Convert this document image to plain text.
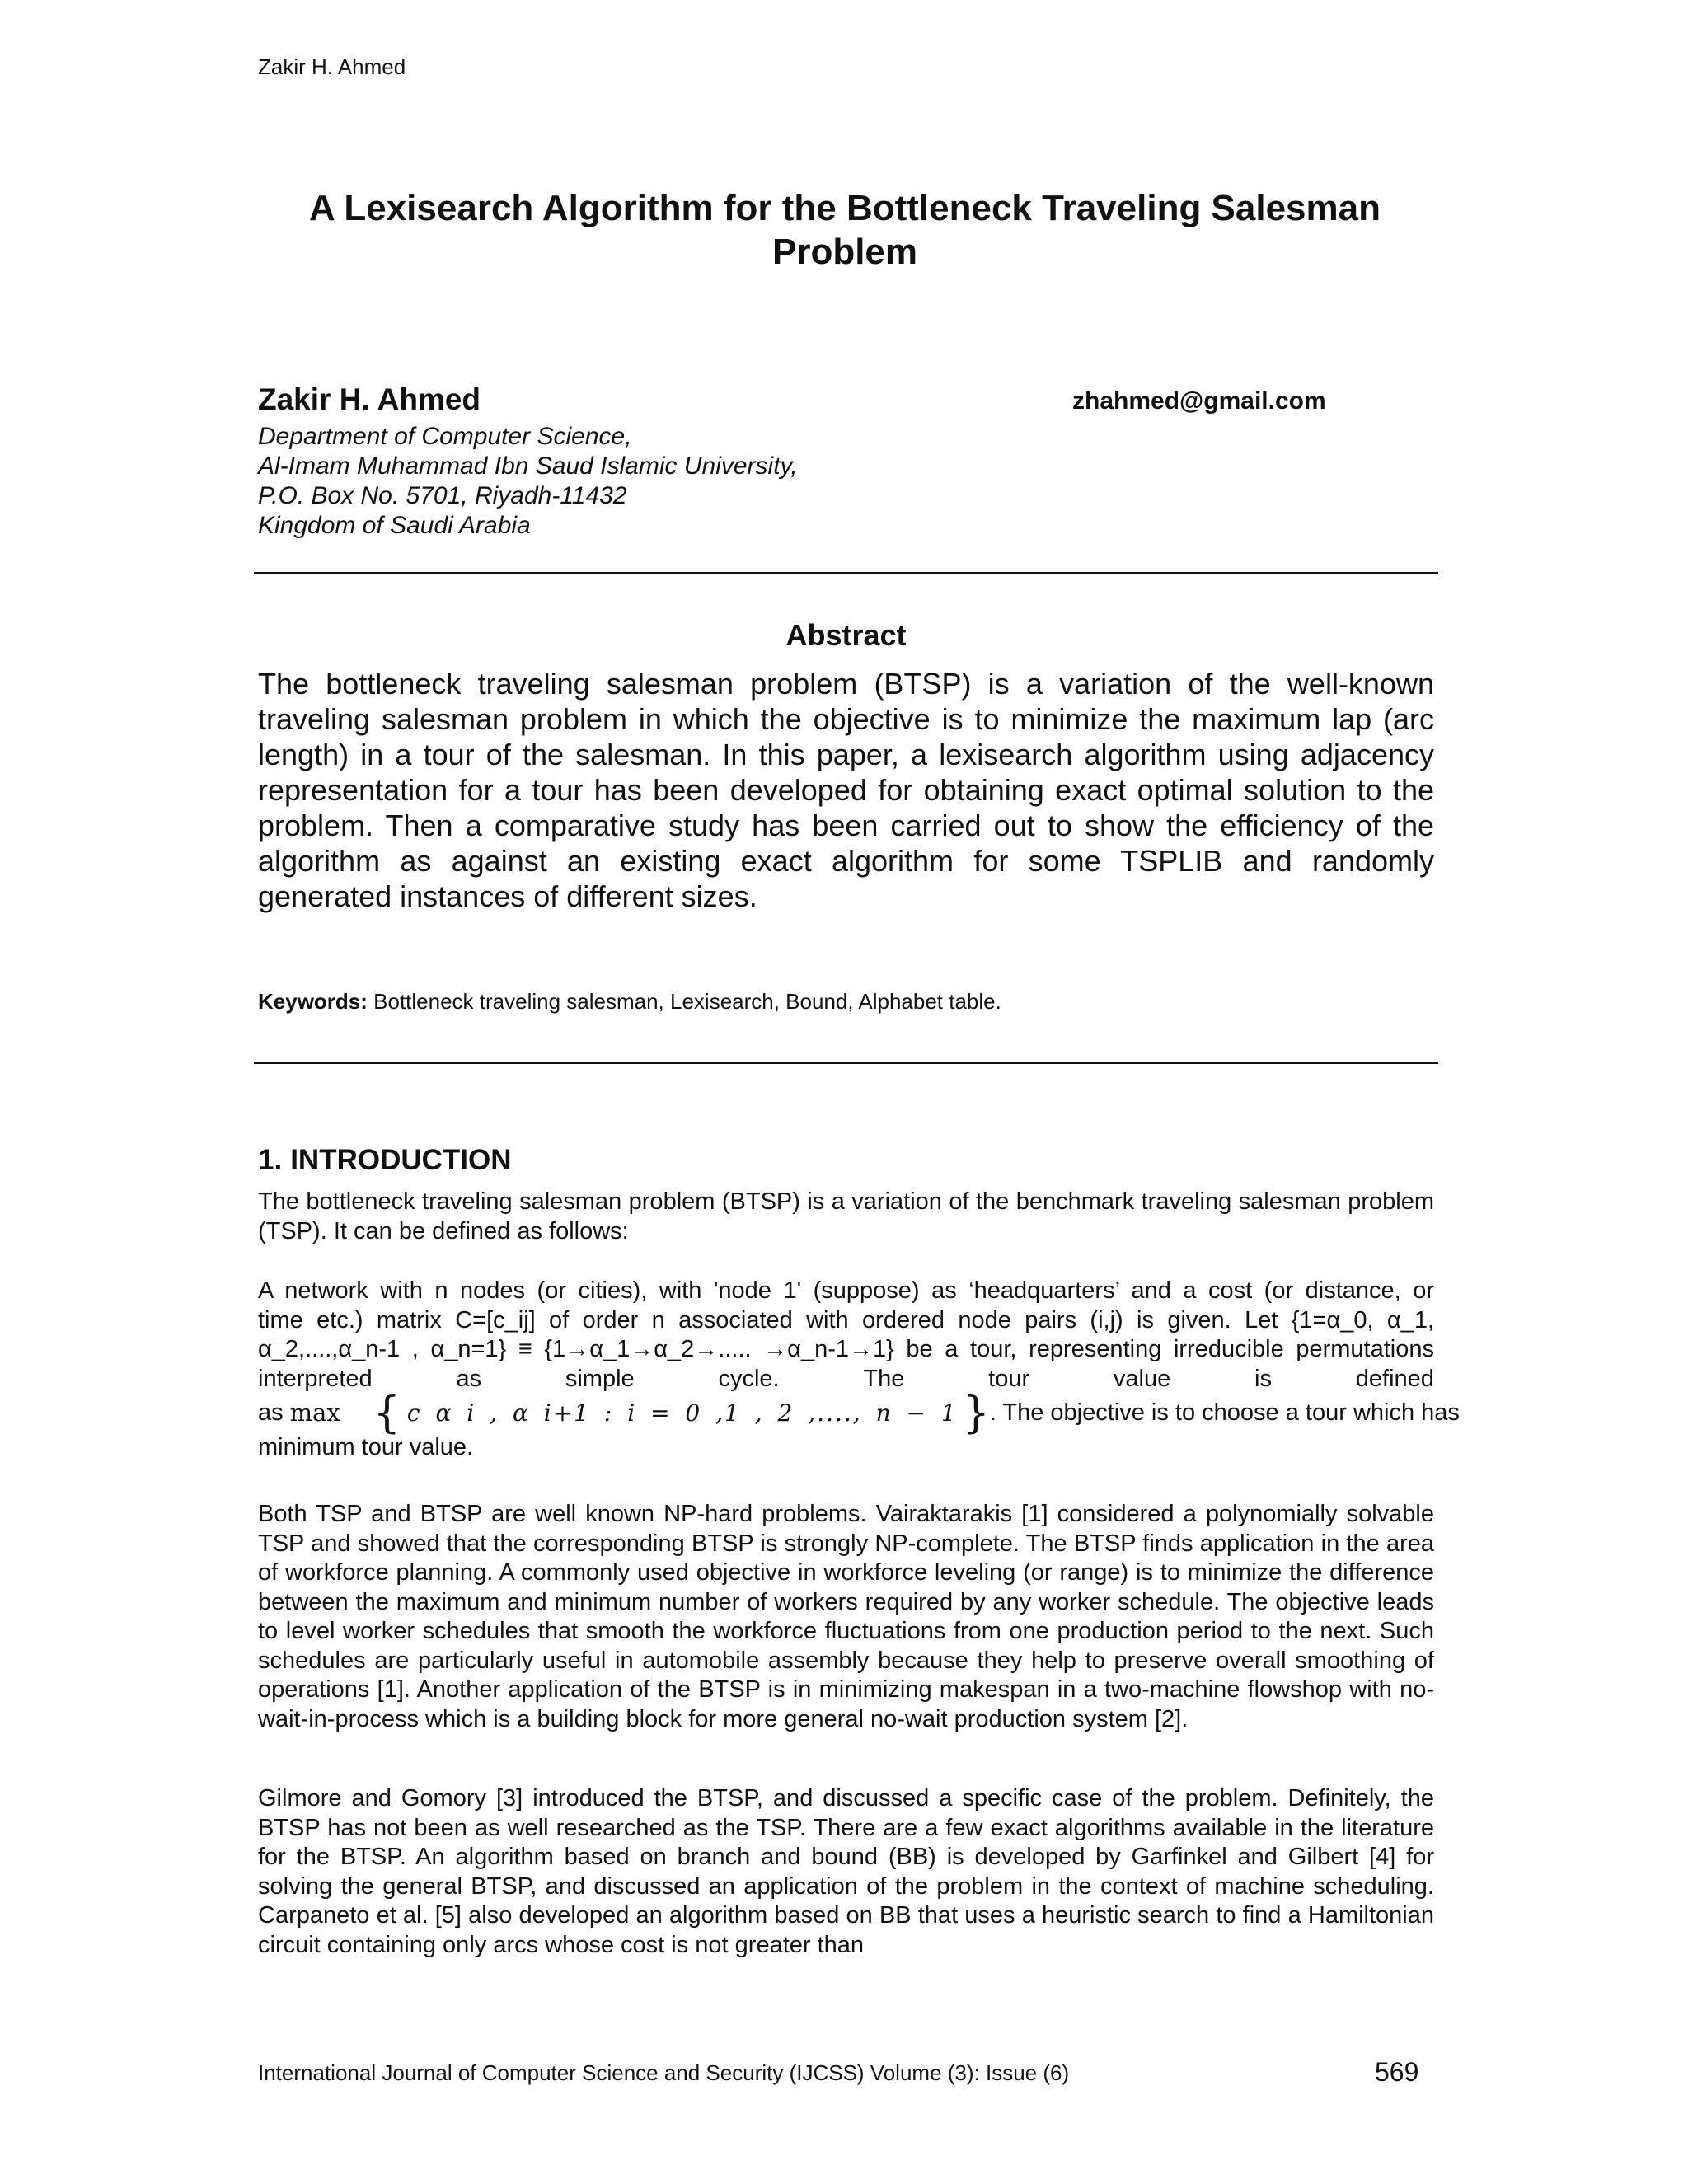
Zakir H. Ahmed
A Lexisearch Algorithm for the Bottleneck Traveling Salesman
Problem
Zakir H. Ahmed	zhahmed@gmail.com
Department of Computer Science,
Al-Imam Muhammad Ibn Saud Islamic University,
P.O. Box No. 5701, Riyadh-11432
Kingdom of Saudi Arabia
Abstract
The bottleneck traveling salesman problem (BTSP) is a variation of the well-known traveling salesman problem in which the objective is to minimize the maximum lap (arc length) in a tour of the salesman. In this paper, a lexisearch algorithm using adjacency representation for a tour has been developed for obtaining exact optimal solution to the problem. Then a comparative study has been carried out to show the efficiency of the algorithm as against an existing exact algorithm for some TSPLIB and randomly generated instances of different sizes.
Keywords: Bottleneck traveling salesman, Lexisearch, Bound, Alphabet table.
1. INTRODUCTION
The bottleneck traveling salesman problem (BTSP) is a variation of the benchmark traveling salesman problem (TSP). It can be defined as follows:
A network with n nodes (or cities), with 'node 1' (suppose) as ‘headquarters’ and a cost (or distance, or
time etc.) matrix C=[c_ij] of order n associated with ordered node pairs (i,j) is given. Let {1=α_0, α_1,
α_2,....,α_n-1 , α_n=1} ≡ {1→α_1→α_2→..... →α_n-1→1} be a tour, representing irreducible permutations
interpreted	as	simple	cycle.	The	tour	value	is	defined
as max { c α i , α i+1 : i = 0 ,1 , 2 ,...., n − 1 } . The objective is to choose a tour which has
minimum tour value.
Both TSP and BTSP are well known NP-hard problems. Vairaktarakis [1] considered a polynomially solvable TSP and showed that the corresponding BTSP is strongly NP-complete. The BTSP finds application in the area of workforce planning. A commonly used objective in workforce leveling (or range) is to minimize the difference between the maximum and minimum number of workers required by any worker schedule. The objective leads to level worker schedules that smooth the workforce fluctuations from one production period to the next. Such schedules are particularly useful in automobile assembly because they help to preserve overall smoothing of operations [1]. Another application of the BTSP is in minimizing makespan in a two-machine flowshop with no-wait-in-process which is a building block for more general no-wait production system [2].
Gilmore and Gomory [3] introduced the BTSP, and discussed a specific case of the problem. Definitely, the BTSP has not been as well researched as the TSP. There are a few exact algorithms available in the literature for the BTSP. An algorithm based on branch and bound (BB) is developed by Garfinkel and Gilbert [4] for solving the general BTSP, and discussed an application of the problem in the context of machine scheduling. Carpaneto et al. [5] also developed an algorithm based on BB that uses a heuristic search to find a Hamiltonian circuit containing only arcs whose cost is not greater than
International Journal of Computer Science and Security (IJCSS) Volume (3): Issue (6)	569
